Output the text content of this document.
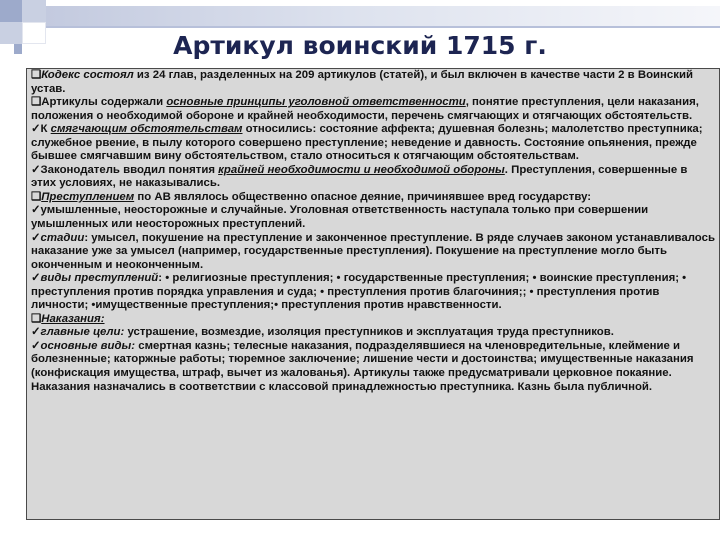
Артикул воинский 1715 г.

❑Кодекс состоял из 24 глав, разделенных на 209 артикулов (статей), и был включен в качестве части 2 в Воинский устав.

❑Артикулы содержали основные принципы уголовной ответственности, понятие преступления, цели наказания, положения о необходимой обороне и крайней необходимости, перечень смягчающих и отягчающих обстоятельств.

✓К смягчающим обстоятельствам относились: состояние аффекта; душевная болезнь; малолетство преступника; служебное рвение, в пылу которого совершено преступление; неведение и давность. Состояние опьянения, прежде бывшее смягчавшим вину обстоятельством, стало относиться к отягчающим обстоятельствам.

✓Законодатель вводил понятия крайней необходимости и необходимой обороны. Преступления, совершенные в этих условиях, не наказывались.

❑Преступлением по АВ являлось общественно опасное деяние, причинявшее вред государству:

✓умышленные, неосторожные и случайные. Уголовная ответственность наступала только при совершении умышленных или неосторожных преступлений.

✓стадии: умысел, покушение на преступление и законченное преступление. В ряде случаев законом устанавливалось наказание уже за умысел (например, государственные преступления). Покушение на преступление могло быть оконченным и неоконченным.

✓виды преступлений: • религиозные преступления; • государственные преступления; • воинские преступления; • преступления против порядка управления и суда; • преступления против благочиния;; • преступления против личности; •имущественные преступления;• преступления против нравственности.

❑Наказания:

✓главные цели: устрашение, возмездие, изоляция преступников и эксплуатация труда преступников.

✓основные виды: смертная казнь; телесные наказания, подразделявшиеся на членовредительные, клеймение и болезненные; каторжные работы; тюремное заключение; лишение чести и достоинства; имущественные наказания (конфискация имущества, штраф, вычет из жалованья). Артикулы также предусматривали церковное покаяние. Наказания назначались в соответствии с классовой принадлежностью преступника. Казнь была публичной.
